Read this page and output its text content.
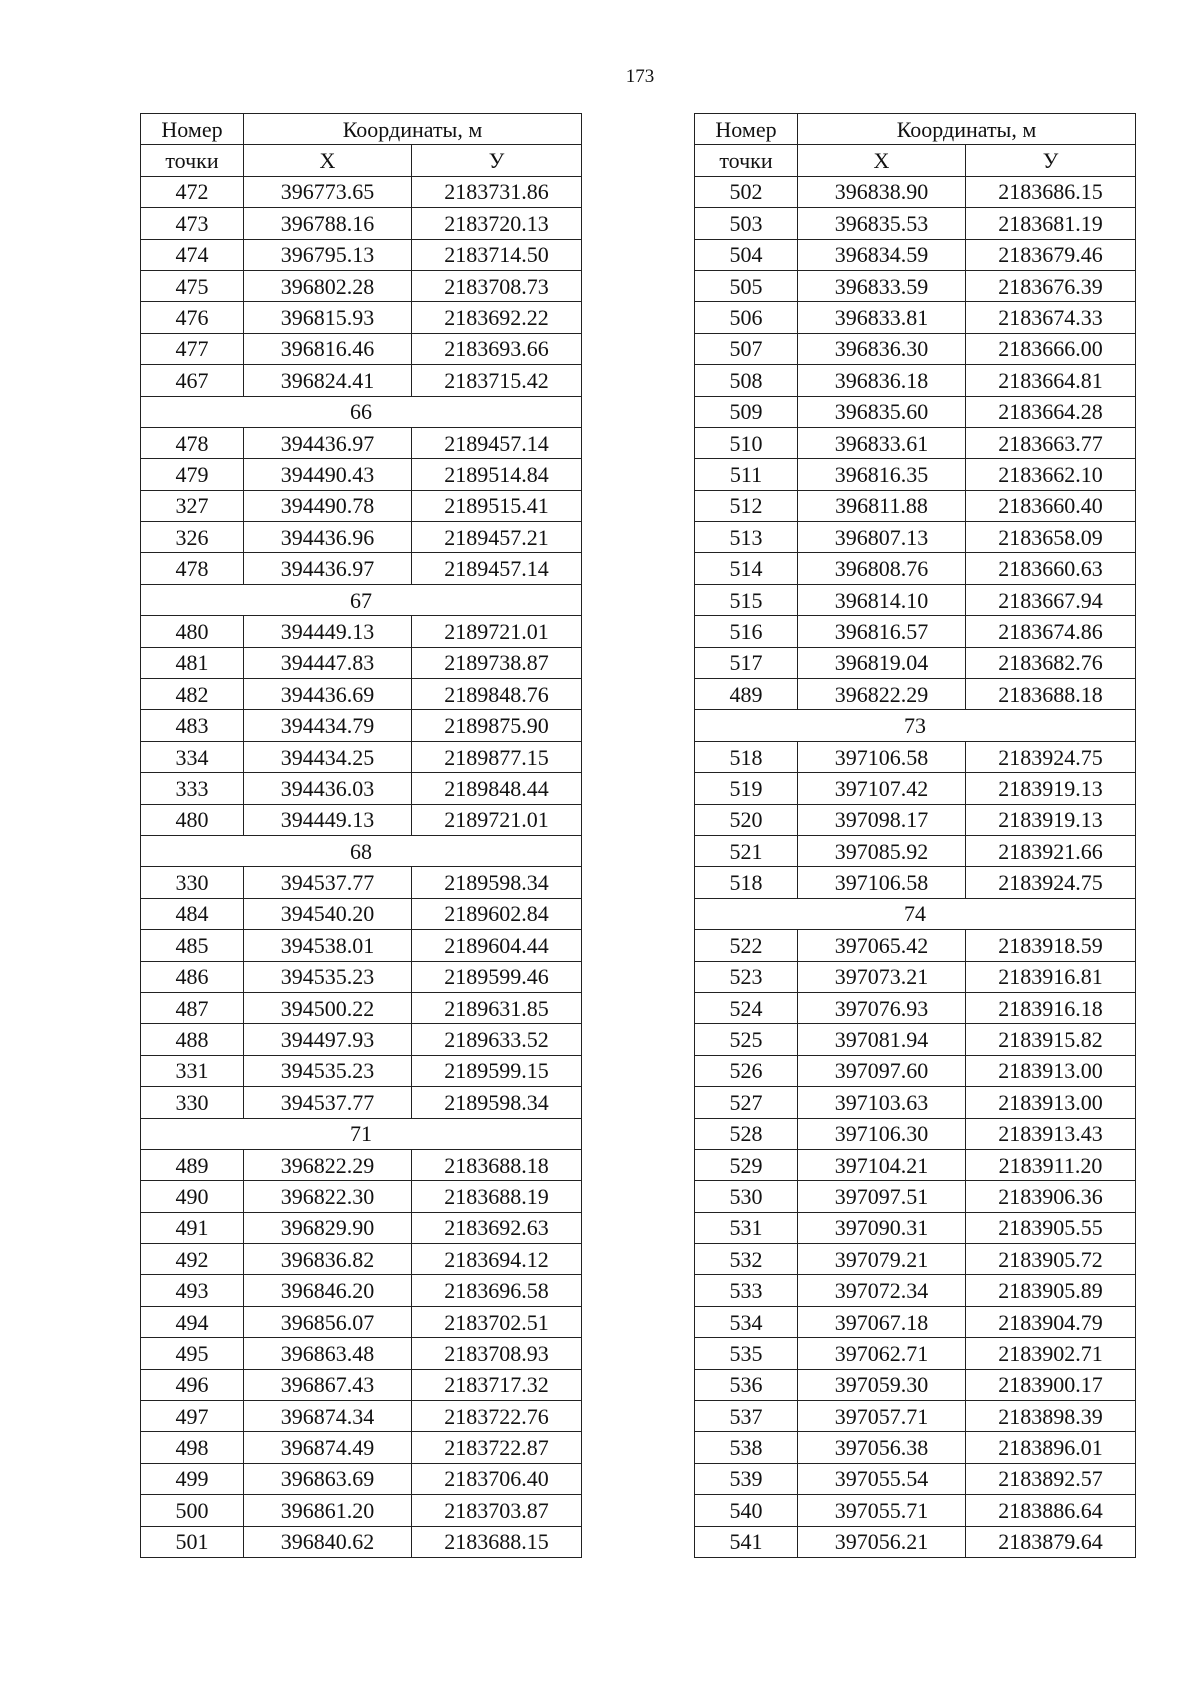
173
Номер	Координаты, м	
точки	Х	У
472	396773.65	2183731.86
473	396788.16	2183720.13
474	396795.13	2183714.50
475	396802.28	2183708.73
476	396815.93	2183692.22
477	396816.46	2183693.66
467	396824.41	2183715.42
66		
478	394436.97	2189457.14
479	394490.43	2189514.84
327	394490.78	2189515.41
326	394436.96	2189457.21
478	394436.97	2189457.14
67		
480	394449.13	2189721.01
481	394447.83	2189738.87
482	394436.69	2189848.76
483	394434.79	2189875.90
334	394434.25	2189877.15
333	394436.03	2189848.44
480	394449.13	2189721.01
68		
330	394537.77	2189598.34
484	394540.20	2189602.84
485	394538.01	2189604.44
486	394535.23	2189599.46
487	394500.22	2189631.85
488	394497.93	2189633.52
331	394535.23	2189599.15
330	394537.77	2189598.34
71		
489	396822.29	2183688.18
490	396822.30	2183688.19
491	396829.90	2183692.63
492	396836.82	2183694.12
493	396846.20	2183696.58
494	396856.07	2183702.51
495	396863.48	2183708.93
496	396867.43	2183717.32
497	396874.34	2183722.76
498	396874.49	2183722.87
499	396863.69	2183706.40
500	396861.20	2183703.87
501	396840.62	2183688.15
Номер	Координаты, м	
точки	Х	У
502	396838.90	2183686.15
503	396835.53	2183681.19
504	396834.59	2183679.46
505	396833.59	2183676.39
506	396833.81	2183674.33
507	396836.30	2183666.00
508	396836.18	2183664.81
509	396835.60	2183664.28
510	396833.61	2183663.77
511	396816.35	2183662.10
512	396811.88	2183660.40
513	396807.13	2183658.09
514	396808.76	2183660.63
515	396814.10	2183667.94
516	396816.57	2183674.86
517	396819.04	2183682.76
489	396822.29	2183688.18
73		
518	397106.58	2183924.75
519	397107.42	2183919.13
520	397098.17	2183919.13
521	397085.92	2183921.66
518	397106.58	2183924.75
74		
522	397065.42	2183918.59
523	397073.21	2183916.81
524	397076.93	2183916.18
525	397081.94	2183915.82
526	397097.60	2183913.00
527	397103.63	2183913.00
528	397106.30	2183913.43
529	397104.21	2183911.20
530	397097.51	2183906.36
531	397090.31	2183905.55
532	397079.21	2183905.72
533	397072.34	2183905.89
534	397067.18	2183904.79
535	397062.71	2183902.71
536	397059.30	2183900.17
537	397057.71	2183898.39
538	397056.38	2183896.01
539	397055.54	2183892.57
540	397055.71	2183886.64
541	397056.21	2183879.64
